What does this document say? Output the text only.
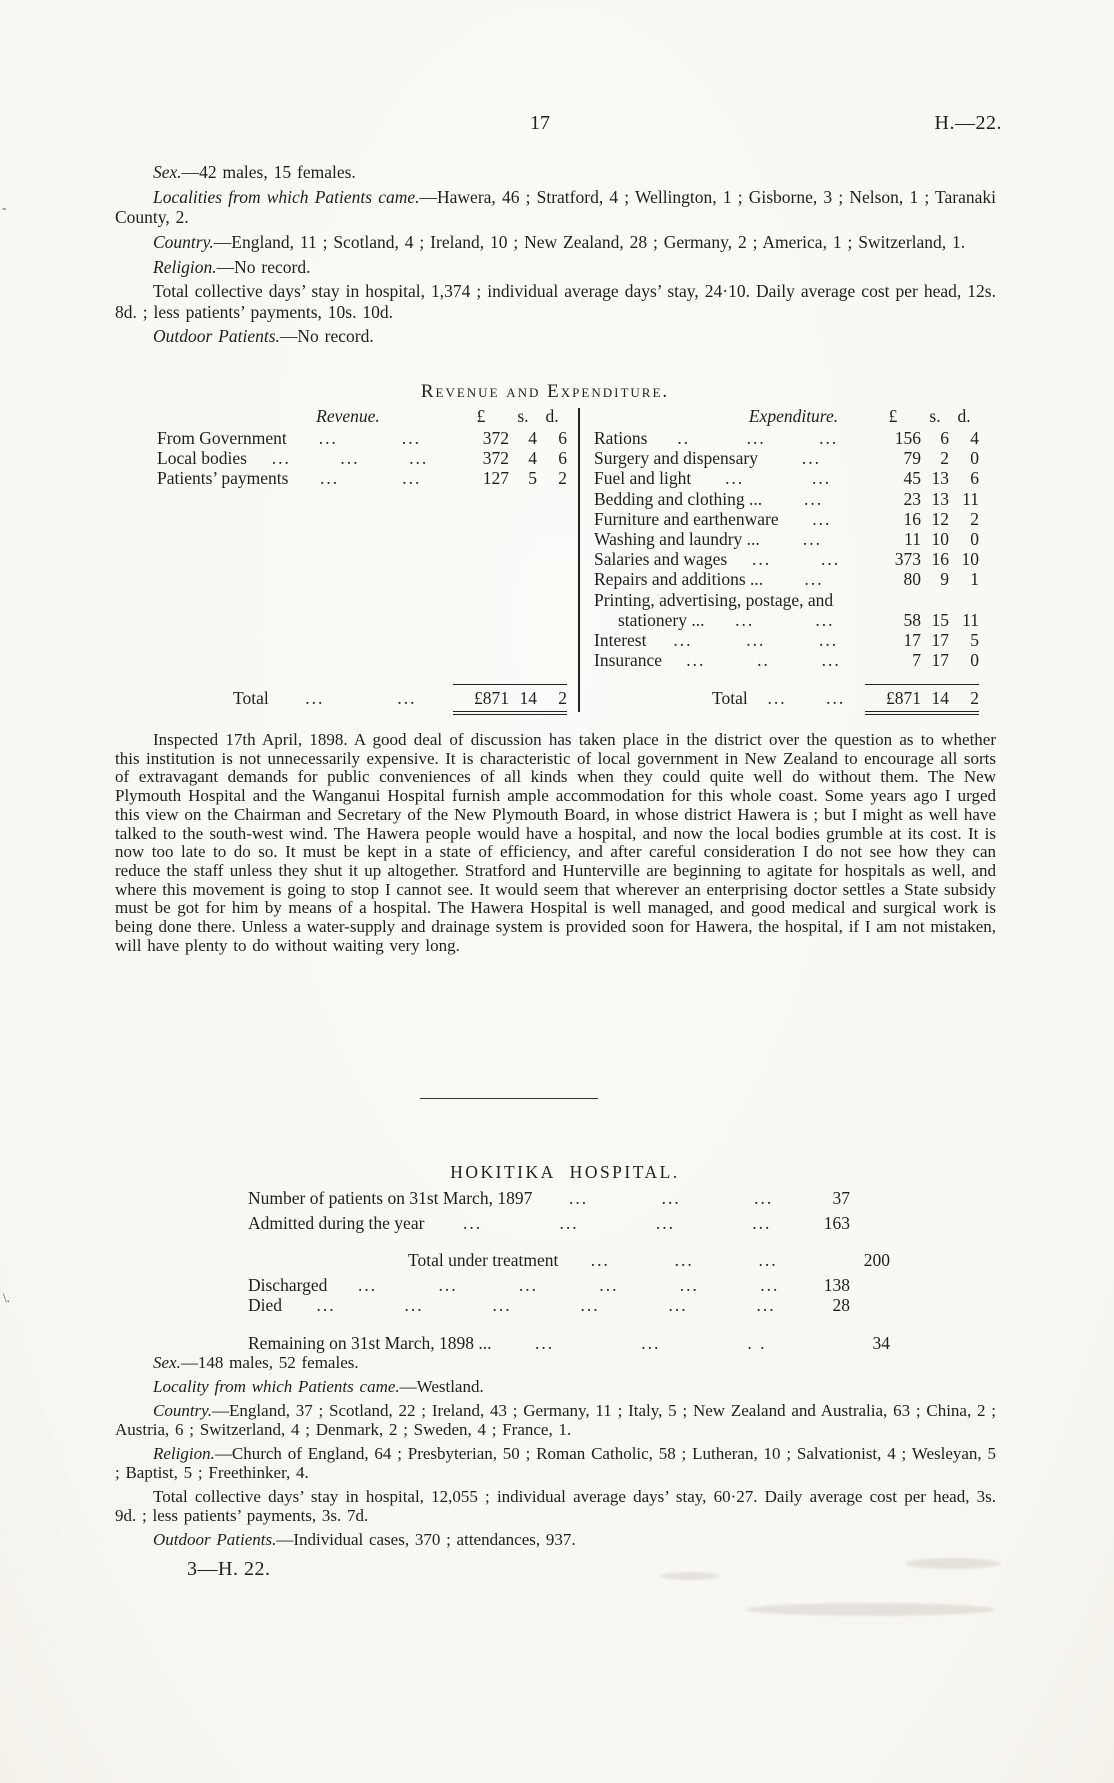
17	H.—22.

Sex.—42 males, 15 females.

Localities from which Patients came.—Hawera, 46 ; Stratford, 4 ; Wellington, 1 ; Gisborne, 3 ; Nelson, 1 ; Taranaki County, 2.

Country.—England, 11 ; Scotland, 4 ; Ireland, 10 ; New Zealand, 28 ; Germany, 2 ; America, 1 ; Switzerland, 1.

Religion.—No record.

Total collective days’ stay in hospital, 1,374 ; individual average days’ stay, 24·10. Daily average cost per head, 12s. 8d. ; less patients’ payments, 10s. 10d.

Outdoor Patients.—No record.

Revenue and Expenditure.
Revenue.	£	s. d.
From Government	...	...	372	4	6
Local bodies	...	...	...	372	4	6
Patients’ payments	...	...	127	5	2
Total	...	...	£871 14	2
Expenditure.	£	s. d.
Rations	..	...	...	156	6	4
Surgery and dispensary	...	79	2	0
Fuel and light	...	...	45 13	6
Bedding and clothing ...	...	23 13 11
Furniture and earthenware	...	16 12	2
Washing and laundry ...	...	11 10	0
Salaries and wages	...	...	373 16 10
Repairs and additions ...	...	80	9	1
Printing, advertising, postage, and
stationery ...	...	...	58 15 11
Interest	...	...	...	17 17	5
Insurance	...	..	...	7 17	0
Total	...	...	£871 14	2

Inspected 17th April, 1898. A good deal of discussion has taken place in the district over the question as to whether this institution is not unnecessarily expensive. It is characteristic of local government in New Zealand to encourage all sorts of extravagant demands for public conveniences of all kinds when they could quite well do without them. The New Plymouth Hospital and the Wanganui Hospital furnish ample accommodation for this whole coast. Some years ago I urged this view on the Chairman and Secretary of the New Plymouth Board, in whose district Hawera is ; but I might as well have talked to the south-west wind. The Hawera people would have a hospital, and now the local bodies grumble at its cost. It is now too late to do so. It must be kept in a state of efficiency, and after careful consideration I do not see how they can reduce the staff unless they shut it up altogether. Stratford and Hunterville are beginning to agitate for hospitals as well, and where this movement is going to stop I cannot see. It would seem that wherever an enterprising doctor settles a State subsidy must be got for him by means of a hospital. The Hawera Hospital is well managed, and good medical and surgical work is being done there. Unless a water-supply and drainage system is provided soon for Hawera, the hospital, if I am not mistaken, will have plenty to do without waiting very long.

HOKITIKA HOSPITAL.
Number of patients on 31st March, 1897	...	...	...	37
Admitted during the year	...	...	...	...	163
Total under treatment	...	...	...	200
Discharged	...	...	...	...	...	...	138
Died	...	...	...	...	...	...	28
Remaining on 31st March, 1898 ...	...	...	. .	34

Sex.—148 males, 52 females.

Locality from which Patients came.—Westland.

Country.—England, 37 ; Scotland, 22 ; Ireland, 43 ; Germany, 11 ; Italy, 5 ; New Zealand and Australia, 63 ; China, 2 ; Austria, 6 ; Switzerland, 4 ; Denmark, 2 ; Sweden, 4 ; France, 1.

Religion.—Church of England, 64 ; Presbyterian, 50 ; Roman Catholic, 58 ; Lutheran, 10 ; Salvationist, 4 ; Wesleyan, 5 ; Baptist, 5 ; Freethinker, 4.

Total collective days’ stay in hospital, 12,055 ; individual average days’ stay, 60·27. Daily average cost per head, 3s. 9d. ; less patients’ payments, 3s. 7d.

Outdoor Patients.—Individual cases, 370 ; attendances, 937.

3—H. 22.
\.
-
